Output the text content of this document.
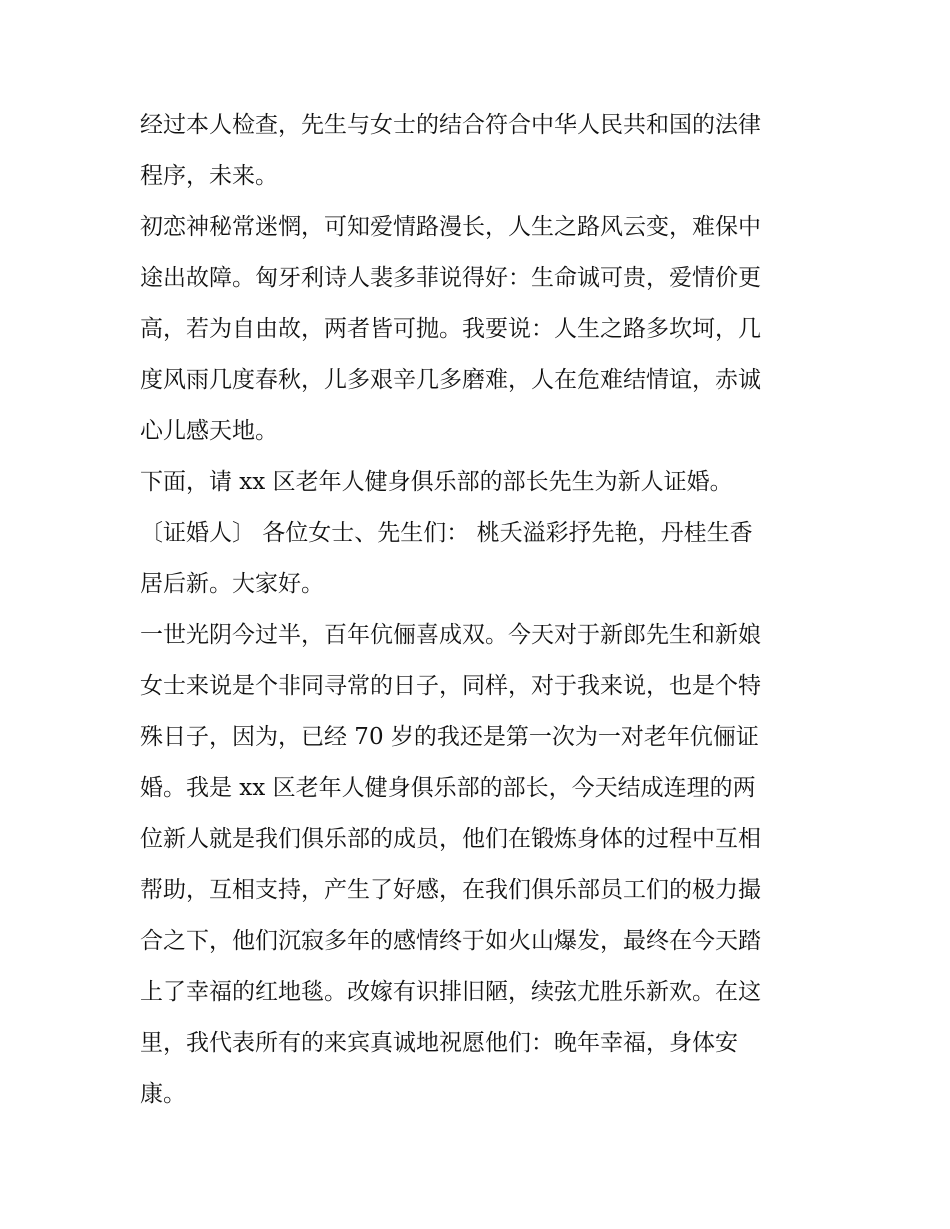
经过本人检查，先生与女士的结合符合中华人民共和国的法律
程序，未来。
初恋神秘常迷惘，可知爱情路漫长，人生之路风云变，难保中
途出故障。匈牙利诗人裴多菲说得好：生命诚可贵，爱情价更
高，若为自由故，两者皆可抛。我要说：人生之路多坎坷，几
度风雨几度春秋，儿多艰辛几多磨难，人在危难结情谊，赤诚
心儿感天地。
下面，请 xx 区老年人健身俱乐部的部长先生为新人证婚。
〔证婚人〕 各位女士、先生们： 桃夭溢彩抒先艳，丹桂生香
居后新。大家好。
一世光阴今过半，百年伉俪喜成双。今天对于新郎先生和新娘
女士来说是个非同寻常的日子，同样，对于我来说，也是个特
殊日子，因为，已经 70 岁的我还是第一次为一对老年伉俪证
婚。我是 xx 区老年人健身俱乐部的部长，今天结成连理的两
位新人就是我们俱乐部的成员，他们在锻炼身体的过程中互相
帮助，互相支持，产生了好感，在我们俱乐部员工们的极力撮
合之下，他们沉寂多年的感情终于如火山爆发，最终在今天踏
上了幸福的红地毯。改嫁有识排旧陋，续弦尤胜乐新欢。在这
里，我代表所有的来宾真诚地祝愿他们：晚年幸福，身体安
康。
